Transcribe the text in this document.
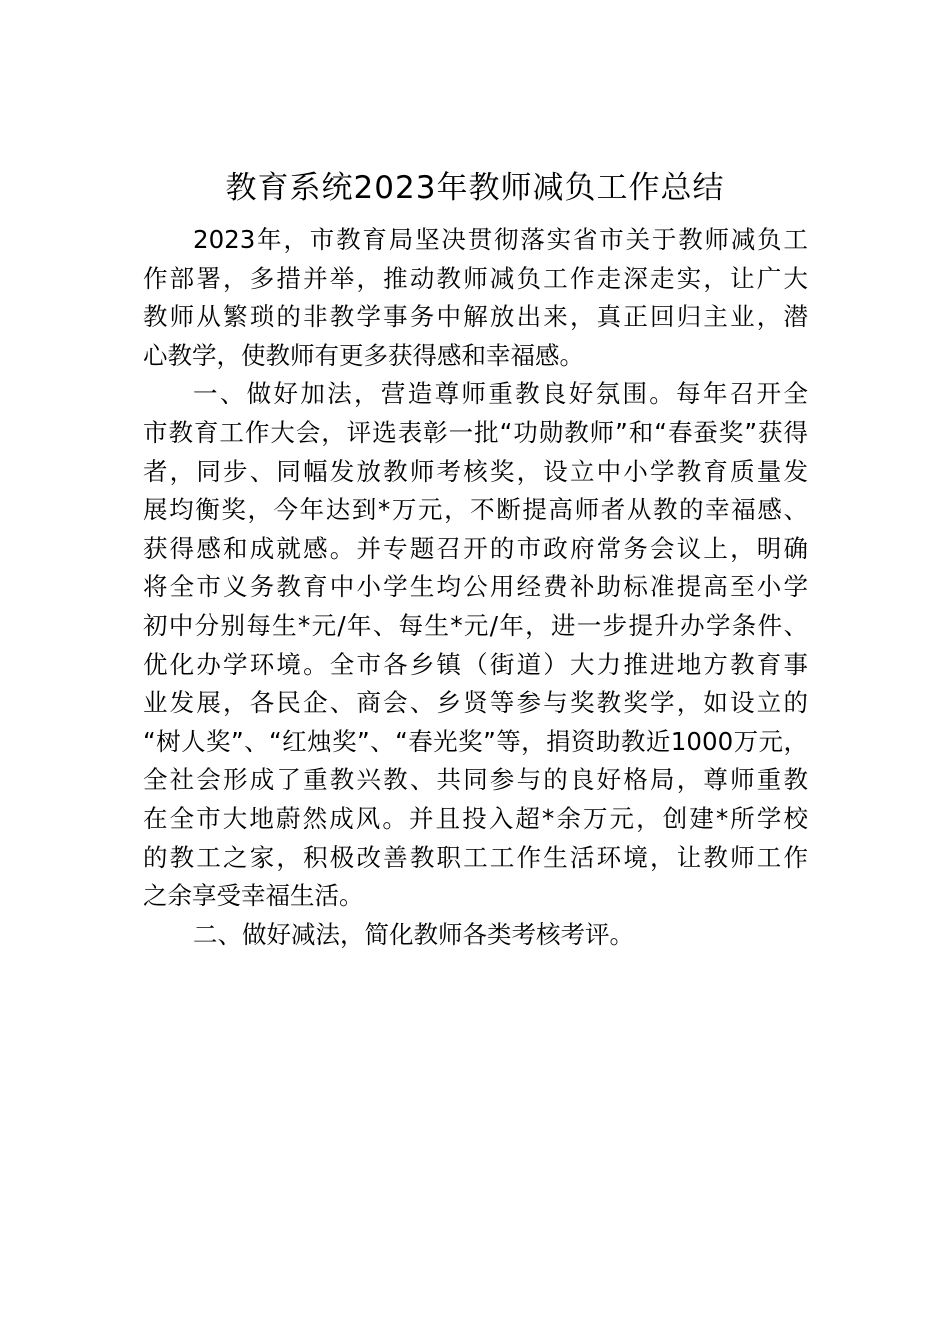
教育系统2023年教师减负工作总结
2023年，市教育局坚决贯彻落实省市关于教师减负工
作部署，多措并举，推动教师减负工作走深走实，让广大
教师从繁琐的非教学事务中解放出来，真正回归主业，潜
心教学，使教师有更多获得感和幸福感。
一、做好加法，营造尊师重教良好氛围。每年召开全
市教育工作大会，评选表彰一批“功勋教师”和“春蚕奖”获得
者，同步、同幅发放教师考核奖，设立中小学教育质量发
展均衡奖，今年达到*万元，不断提高师者从教的幸福感、
获得感和成就感。并专题召开的市政府常务会议上，明确
将全市义务教育中小学生均公用经费补助标准提高至小学
初中分别每生*元/年、每生*元/年，进一步提升办学条件、
优化办学环境。全市各乡镇（街道）大力推进地方教育事
业发展，各民企、商会、乡贤等参与奖教奖学，如设立的
“树人奖”、“红烛奖”、“春光奖”等，捐资助教近1000万元，
全社会形成了重教兴教、共同参与的良好格局，尊师重教
在全市大地蔚然成风。并且投入超*余万元，创建*所学校
的教工之家，积极改善教职工工作生活环境，让教师工作
之余享受幸福生活。
二、做好减法，简化教师各类考核考评。
